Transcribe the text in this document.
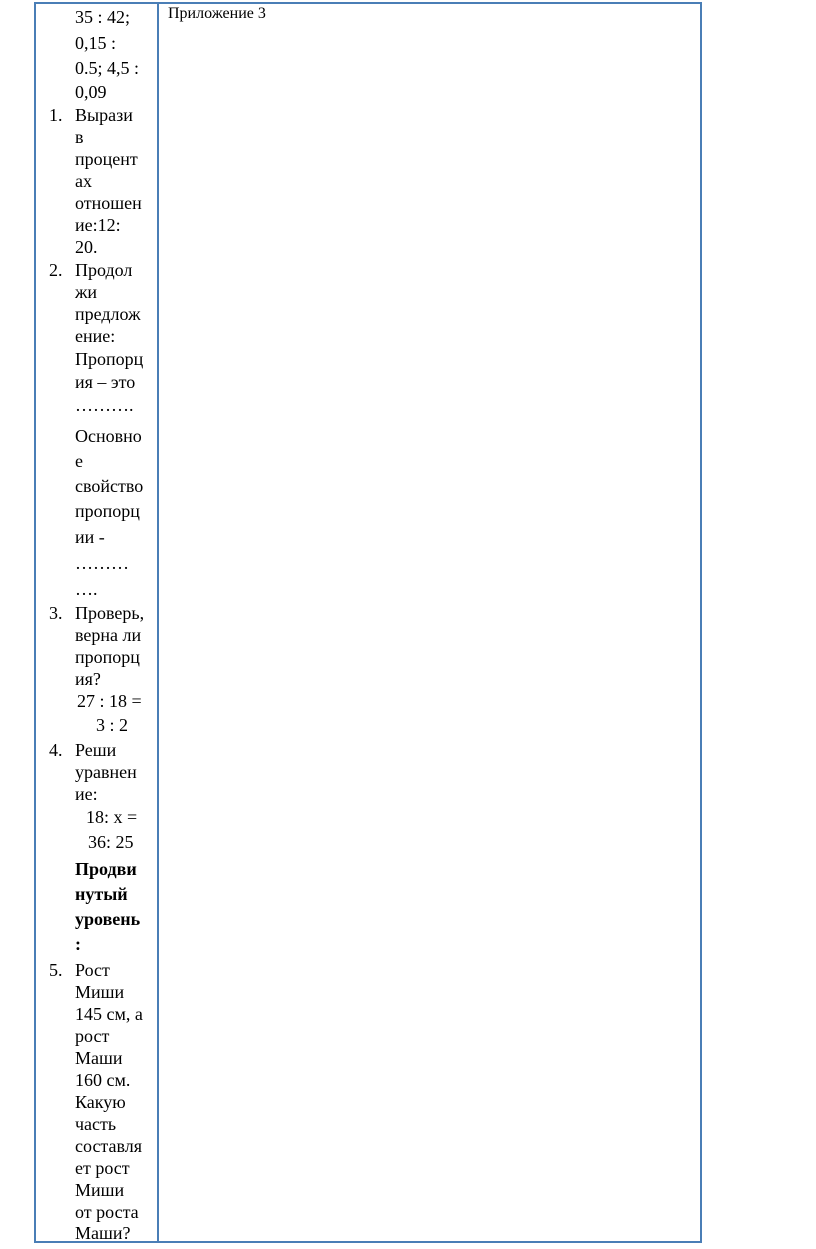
Приложение 3
35 : 42;
0,15 :
0.5; 4,5 :
0,09
1. Вырази
в
процент
ах
отношен
ие:12:
20.
2. Продол
жи
предлож
ение:
Пропорц
ия – это
……….
Основно
е
свойство
пропорц
ии -
………
….
3. Проверь,
верна ли
пропорц
ия?
27 : 18 =
3 : 2
4. Реши
уравнен
ие:
18: х =
36: 25
Продви
нутый
уровень
:
5. Рост
Миши
145 см, а
рост
Маши
160 см.
Какую
часть
составля
ет рост
Миши
от роста
Маши?
